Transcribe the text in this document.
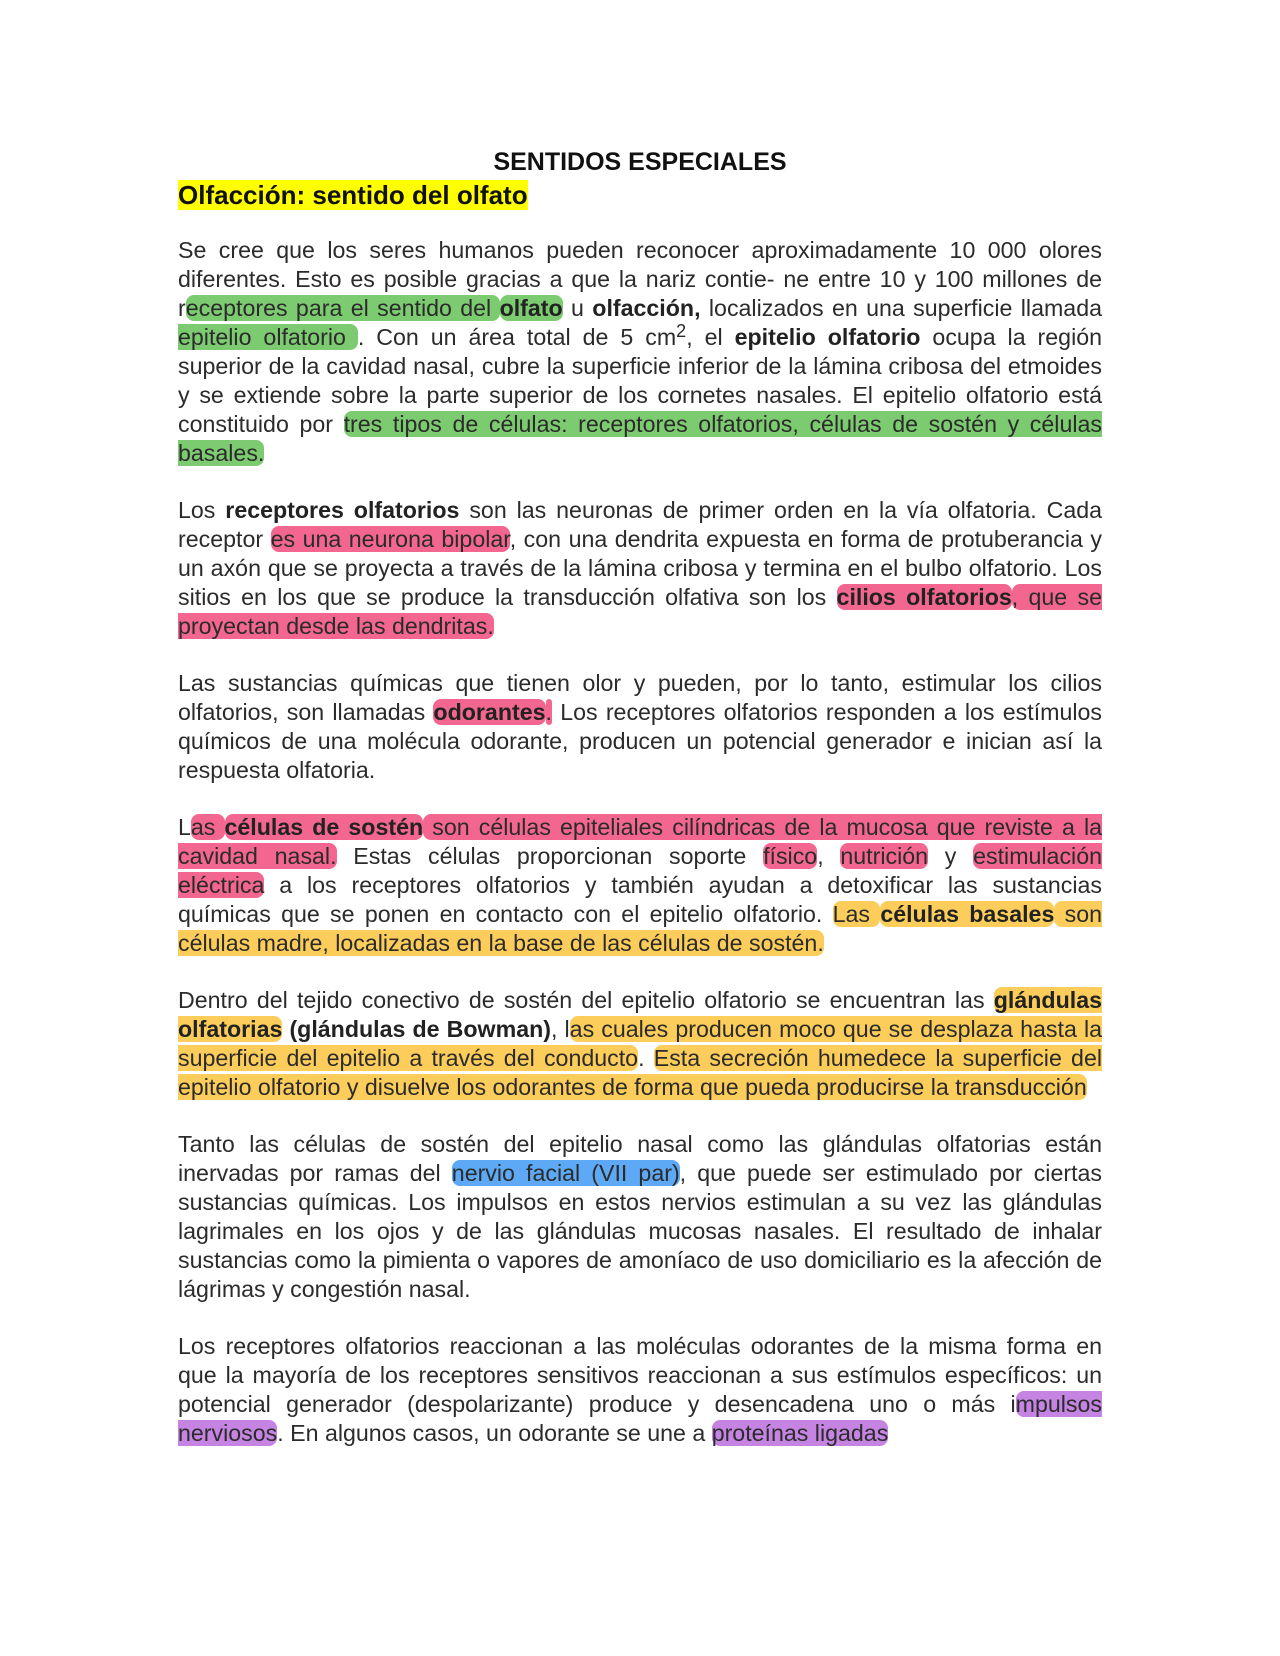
SENTIDOS ESPECIALES
Olfacción: sentido del olfato

Se cree que los seres humanos pueden reconocer aproximadamente 10 000 olores diferentes. Esto es posible gracias a que la nariz contie- ne entre 10 y 100 millones de receptores para el sentido del olfato u olfacción, localizados en una superficie llamada epitelio olfatorio . Con un área total de 5 $cm^2$, el epitelio olfatorio ocupa la región superior de la cavidad nasal, cubre la superficie inferior de la lámina cribosa del etmoides y se extiende sobre la parte superior de los cornetes nasales. El epitelio olfatorio está constituido por tres tipos de células: receptores olfatorios, células de sostén y células basales.

Los receptores olfatorios son las neuronas de primer orden en la vía olfatoria. Cada receptor es una neurona bipolar, con una dendrita expuesta en forma de protuberancia y un axón que se proyecta a través de la lámina cribosa y termina en el bulbo olfatorio. Los sitios en los que se produce la transducción olfativa son los cilios olfatorios, que se proyectan desde las dendritas.

Las sustancias químicas que tienen olor y pueden, por lo tanto, estimular los cilios olfatorios, son llamadas odorantes. Los receptores olfatorios responden a los estímulos químicos de una molécula odorante, producen un potencial generador e inician así la respuesta olfatoria.

Las células de sostén son células epiteliales cilíndricas de la mucosa que reviste a la cavidad nasal. Estas células proporcionan soporte físico, nutrición y estimulación eléctrica a los receptores olfatorios y también ayudan a detoxificar las sustancias químicas que se ponen en contacto con el epitelio olfatorio. Las células basales son células madre, localizadas en la base de las células de sostén.

Dentro del tejido conectivo de sostén del epitelio olfatorio se encuentran las glándulas olfatorias (glándulas de Bowman), las cuales producen moco que se desplaza hasta la superficie del epitelio a través del conducto. Esta secreción humedece la superficie del epitelio olfatorio y disuelve los odorantes de forma que pueda producirse la transducción

Tanto las células de sostén del epitelio nasal como las glándulas olfatorias están inervadas por ramas del nervio facial (VII par), que puede ser estimulado por ciertas sustancias químicas. Los impulsos en estos nervios estimulan a su vez las glándulas lagrimales en los ojos y de las glándulas mucosas nasales. El resultado de inhalar sustancias como la pimienta o vapores de amoníaco de uso domiciliario es la afección de lágrimas y congestión nasal.

Los receptores olfatorios reaccionan a las moléculas odorantes de la misma forma en que la mayoría de los receptores sensitivos reaccionan a sus estímulos específicos: un potencial generador (despolarizante) produce y desencadena uno o más impulsos nerviosos. En algunos casos, un odorante se une a proteínas ligadas
